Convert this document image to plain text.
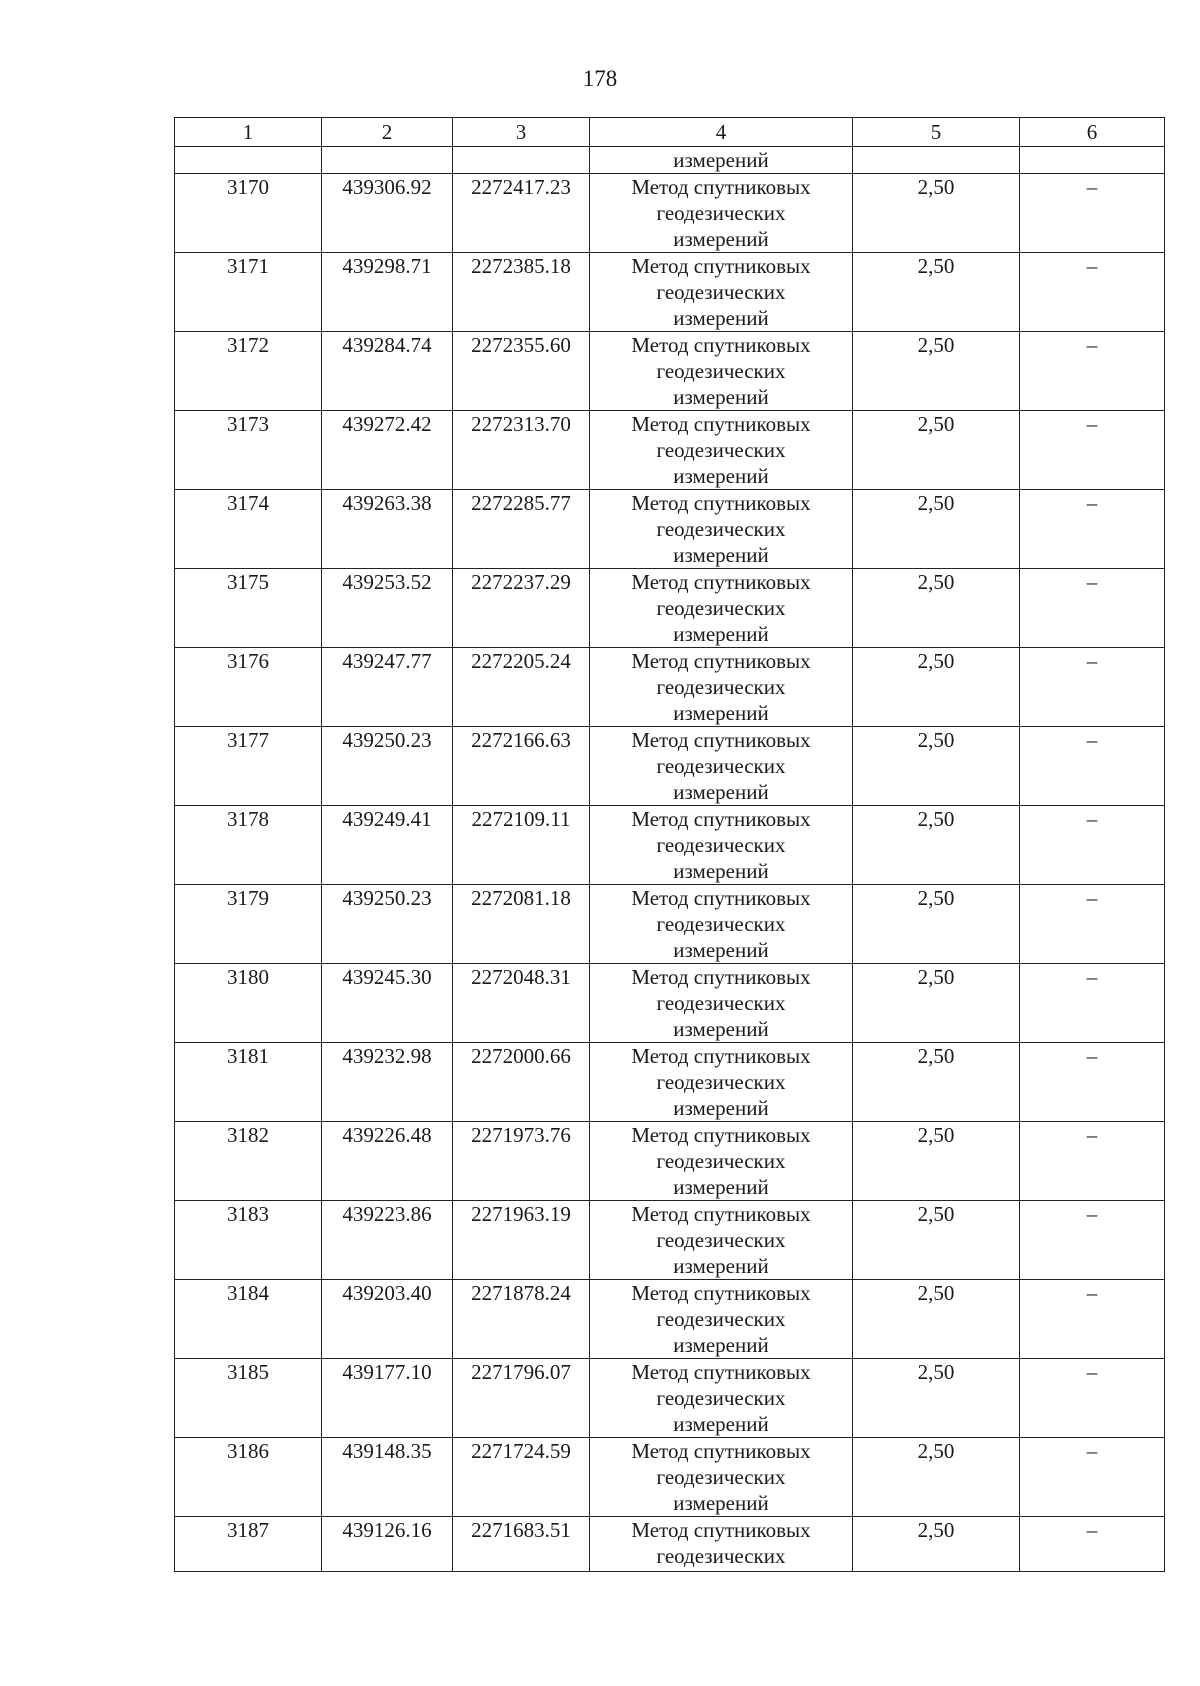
178
1	2	3	4	5	6
			измерений		
3170	439306.92	2272417.23	Метод спутниковых
геодезических
измерений	2,50	–
3171	439298.71	2272385.18	Метод спутниковых
геодезических
измерений	2,50	–
3172	439284.74	2272355.60	Метод спутниковых
геодезических
измерений	2,50	–
3173	439272.42	2272313.70	Метод спутниковых
геодезических
измерений	2,50	–
3174	439263.38	2272285.77	Метод спутниковых
геодезических
измерений	2,50	–
3175	439253.52	2272237.29	Метод спутниковых
геодезических
измерений	2,50	–
3176	439247.77	2272205.24	Метод спутниковых
геодезических
измерений	2,50	–
3177	439250.23	2272166.63	Метод спутниковых
геодезических
измерений	2,50	–
3178	439249.41	2272109.11	Метод спутниковых
геодезических
измерений	2,50	–
3179	439250.23	2272081.18	Метод спутниковых
геодезических
измерений	2,50	–
3180	439245.30	2272048.31	Метод спутниковых
геодезических
измерений	2,50	–
3181	439232.98	2272000.66	Метод спутниковых
геодезических
измерений	2,50	–
3182	439226.48	2271973.76	Метод спутниковых
геодезических
измерений	2,50	–
3183	439223.86	2271963.19	Метод спутниковых
геодезических
измерений	2,50	–
3184	439203.40	2271878.24	Метод спутниковых
геодезических
измерений	2,50	–
3185	439177.10	2271796.07	Метод спутниковых
геодезических
измерений	2,50	–
3186	439148.35	2271724.59	Метод спутниковых
геодезических
измерений	2,50	–
3187	439126.16	2271683.51	Метод спутниковых
геодезических	2,50	–
